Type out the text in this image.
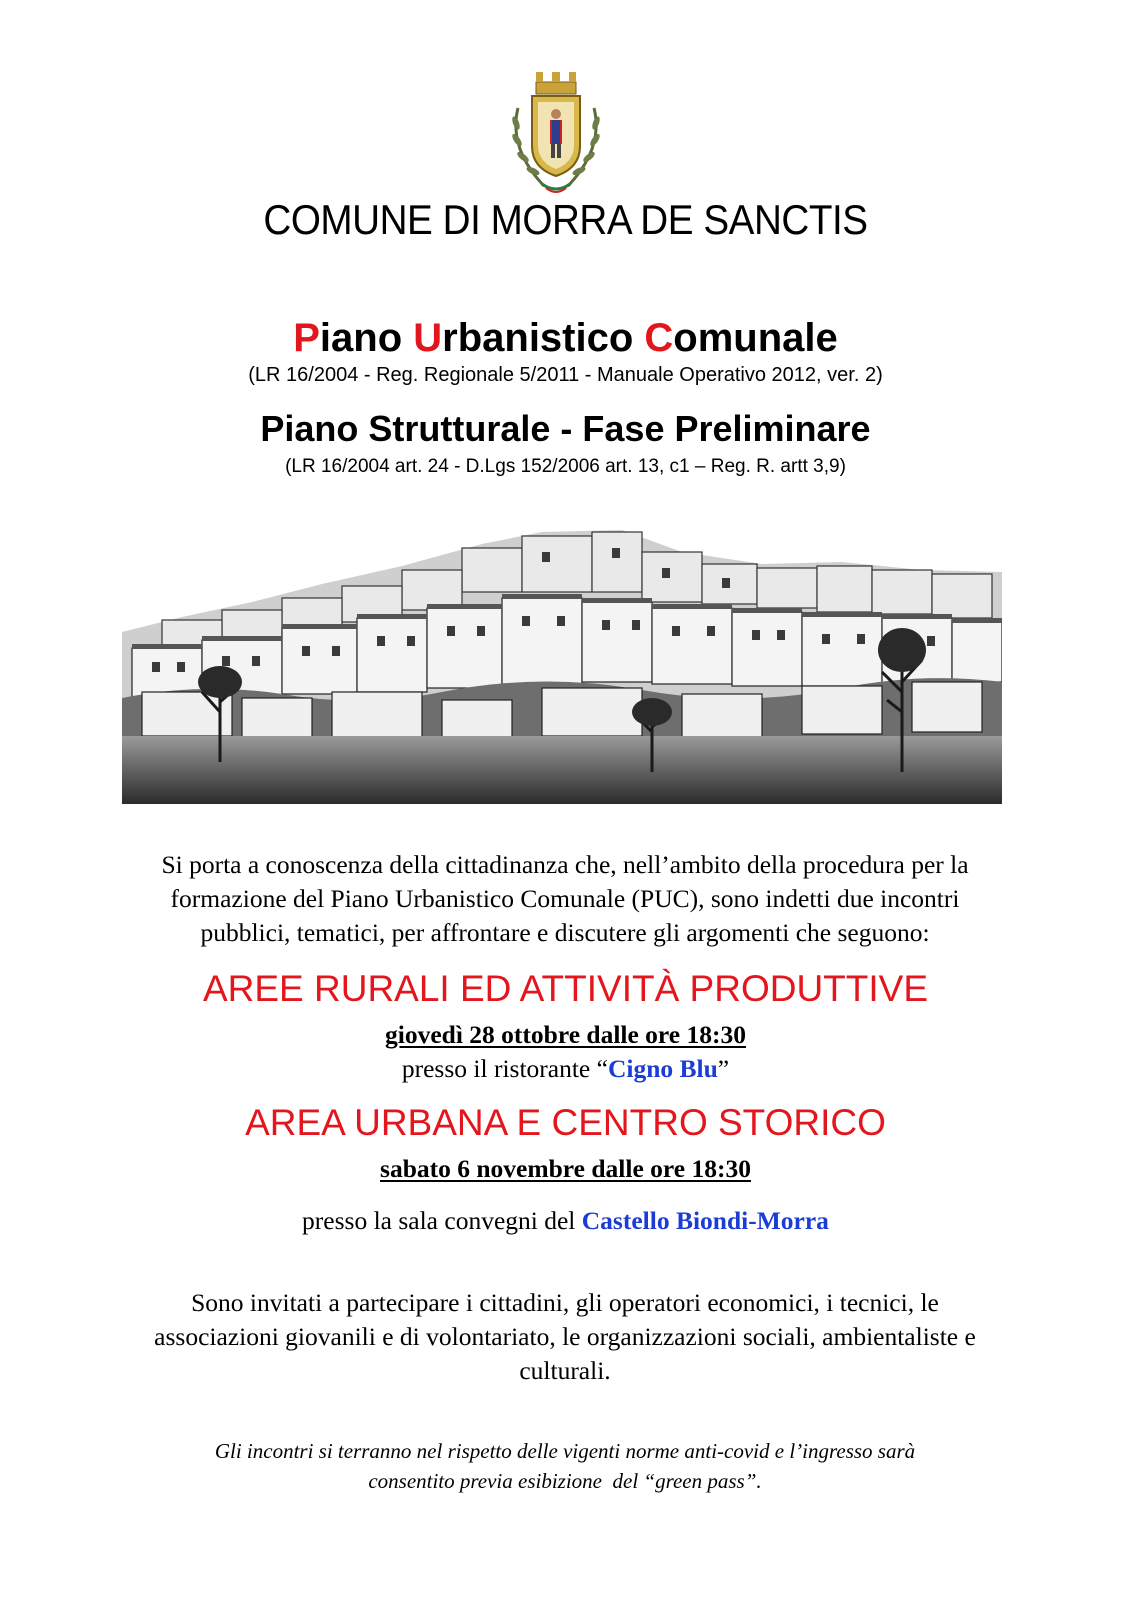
COMUNE DI MORRA DE SANCTIS
Piano Urbanistico Comunale
(LR 16/2004 - Reg. Regionale 5/2011 - Manuale Operativo 2012, ver. 2)
Piano Strutturale - Fase Preliminare
(LR 16/2004 art. 24 - D.Lgs 152/2006 art. 13, c1 – Reg. R. artt 3,9)
Si porta a conoscenza della cittadinanza che, nell’ambito della procedura per la
formazione del Piano Urbanistico Comunale (PUC), sono indetti due incontri
pubblici, tematici, per affrontare e discutere gli argomenti che seguono:
AREE RURALI ED ATTIVITÀ PRODUTTIVE
giovedì 28 ottobre dalle ore 18:30
presso il ristorante “Cigno Blu”
AREA URBANA E CENTRO STORICO
sabato 6 novembre dalle ore 18:30
presso la sala convegni del Castello Biondi-Morra
Sono invitati a partecipare i cittadini, gli operatori economici, i tecnici, le
associazioni giovanili e di volontariato, le organizzazioni sociali, ambientaliste e
culturali.
Gli incontri si terranno nel rispetto delle vigenti norme anti-covid e l’ingresso sarà
consentito previa esibizione  del “green pass”.
